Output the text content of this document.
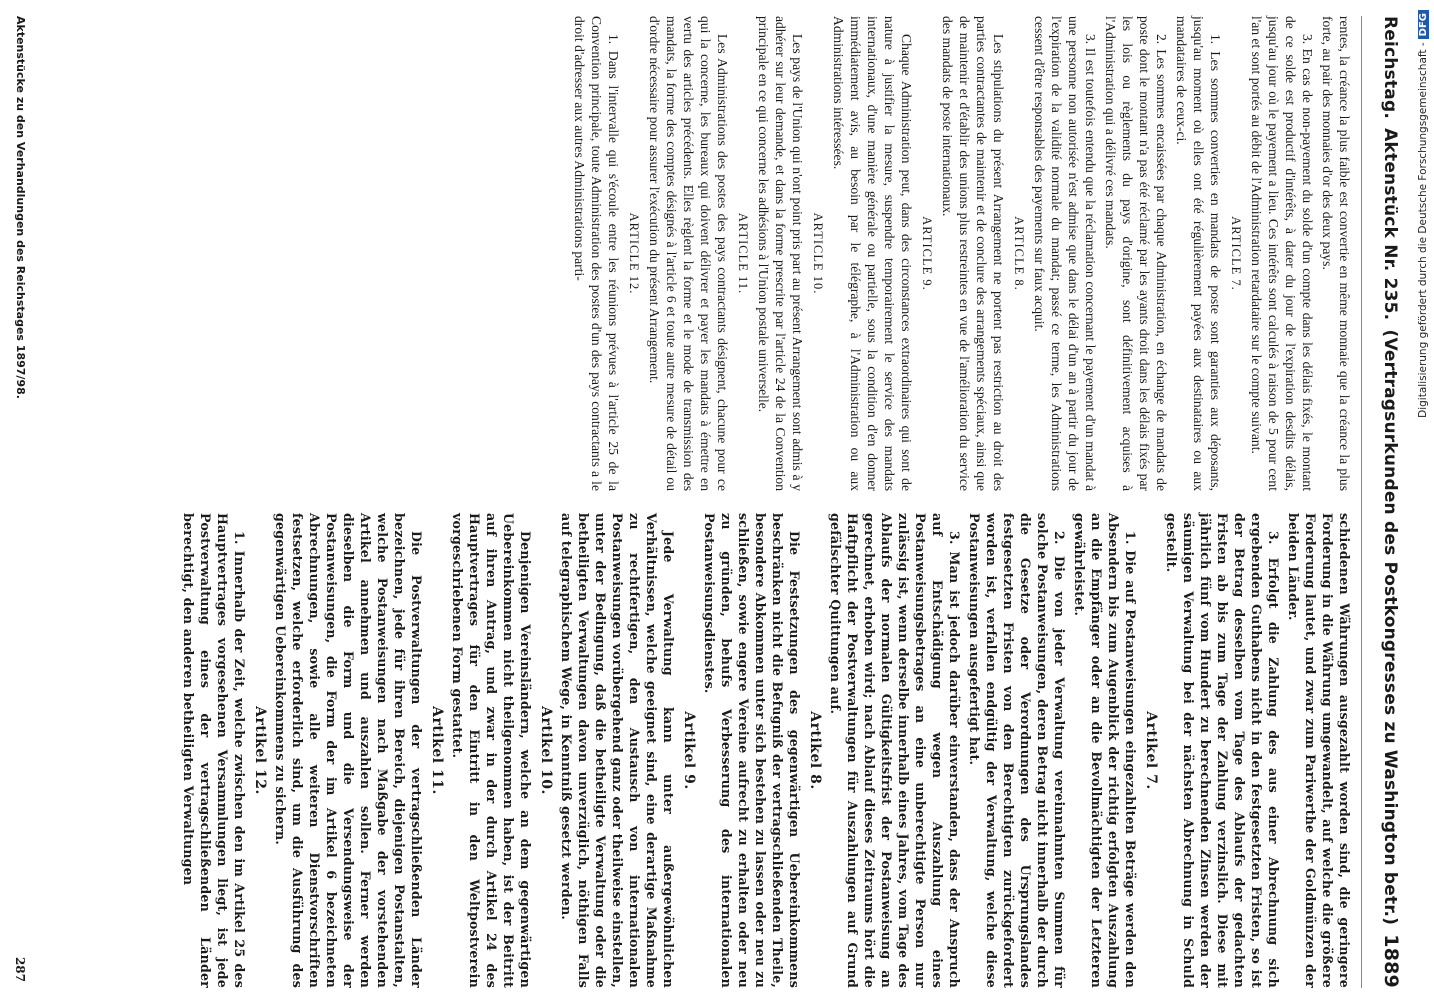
Reichstag.
Aktenstück Nr. 235.
(Vertragsurkunden des Postkongresses zu Washington betr.)
1889

rentes, la créance la plus faible est convertie en même monnaie que la créance la plus forte, au pair des monnaies d'or des deux pays.

3. En cas de non-payement du solde d'un compte dans les délais fixés, le montant de ce solde est productif d'intérêts, à dater du jour de l'expiration desdits délais, jusqu'au jour où le payement a lieu. Ces intérêts sont calculés à raison de 5 pour cent l'an et sont portés au débit de l'Administration retardataire sur le compte suivant.

ARTICLE 7.

1. Les sommes converties en mandats de poste sont garanties aux déposants, jusqu'au moment où elles ont été régulièrement payées aux destinataires ou aux mandataires de ceux-ci.

2. Les sommes encaissées par chaque Administration, en échange de mandats de poste dont le montant n'a pas été réclamé par les ayants droit dans les délais fixés par les lois ou règlements du pays d'origine, sont définitivement acquises à l'Administration qui a délivré ces mandats.

3. Il est toutefois entendu que la réclamation concernant le payement d'un mandat à une personne non autorisée n'est admise que dans le délai d'un an à partir du jour de l'expiration de la validité normale du mandat; passé ce terme, les Administrations cessent d'être responsables des payements sur faux acquit.

ARTICLE 8.

Les stipulations du présent Arrangement ne portent pas restriction au droit des parties contractantes de maintenir et de conclure des arrangements spéciaux, ainsi que de maintenir et d'établir des unions plus restreintes en vue de l'amélioration du service des mandats de poste internationaux.

ARTICLE 9.

Chaque Administration peut, dans des circonstances extraordinaires qui sont de nature à justifier la mesure, suspendre temporairement le service des mandats internationaux, d'une manière générale ou partielle, sous la condition d'en donner immédiatement avis, au besoin par le télégraphe, à l'Administration ou aux Administrations intéressées.

ARTICLE 10.

Les pays de l'Union qui n'ont point pris part au présent Arrangement sont admis à y adhérer sur leur demande, et dans la forme prescrite par l'article 24 de la Convention principale en ce qui concerne les adhésions à l'Union postale universelle.

ARTICLE 11.

Les Administrations des postes des pays contractants désignent, chacune pour ce qui la concerne, les bureaux qui doivent délivrer et payer les mandats à émettre en vertu des articles précédents. Elles règlent la forme et le mode de transmission des mandats, la forme des comptes désignés à l'article 6 et toute autre mesure de détail ou d'ordre nécessaire pour assurer l'exécution du présent Arrangement.

ARTICLE 12.

1. Dans l'intervalle qui s'écoule entre les réunions prévues à l'article 25 de la Convention principale, toute Administration des postes d'un des pays contractants a le droit d'adresser aux autres Administrations parti-

schiedenen Währungen ausgezahlt worden sind, die geringere Forderung in die Währung umgewandelt, auf welche die größere Forderung lautet, und zwar zum Pariwerthe der Goldmünzen der beiden Länder.

3. Erfolgt die Zahlung des aus einer Abrechnung sich ergebenden Guthabens nicht in den festgesetzten Fristen, so ist der Betrag desselben vom Tage des Ablaufs der gedachten Fristen ab bis zum Tage der Zahlung verzinslich. Diese mit jährlich fünf vom Hundert zu berechnenden Zinsen werden der säumigen Verwaltung bei der nächsten Abrechnung in Schuld gestellt.

Artikel 7.

1. Die auf Postanweisungen eingezahlten Beträge werden den Absendern bis zum Augenblick der richtig erfolgten Auszahlung an die Empfänger oder an die Bevollmächtigten der Letzteren gewährleistet.

2. Die von jeder Verwaltung vereinnahmten Summen für solche Postanweisungen, deren Betrag nicht innerhalb der durch die Gesetze oder Verordnungen des Ursprungslandes festgesetzten Fristen von den Berechtigten zurückgefordert worden ist, verfallen endgültig der Verwaltung, welche diese Postanweisungen ausgefertigt hat.

3. Man ist jedoch darüber einverstanden, dass der Anspruch auf Entschädigung wegen Auszahlung eines Postanweisungsbetrages an eine unberechtigte Person nur zulässig ist, wenn derselbe innerhalb eines Jahres, vom Tage des Ablaufs der normalen Gültigkeitsfrist der Postanweisung an gerechnet, erhoben wird; nach Ablauf dieses Zeitraums hört die Haftpflicht der Postverwaltungen für Auszahlungen auf Grund gefälschter Quittungen auf.

Artikel 8.

Die Festsetzungen des gegenwärtigen Uebereinkommens beschränken nicht die Befugniß der vertragschließenden Theile, besondere Abkommen unter sich bestehen zu lassen oder neu zu schließen, sowie engere Vereine aufrecht zu erhalten oder neu zu gründen, behufs Verbesserung des internationalen Postanweisungsdienstes.

Artikel 9.

Jede Verwaltung kann unter außergewöhnlichen Verhältnissen, welche geeignet sind, eine derartige Maßnahme zu rechtfertigen, den Austausch von internationalen Postanweisungen vorübergehend ganz oder theilweise einstellen, unter der Bedingung, daß die betheiligte Verwaltung oder die betheiligten Verwaltungen davon unverzüglich, nöthigen Falls auf telegraphischem Wege, in Kenntniß gesetzt werden.

Artikel 10.

Denjenigen Vereinsländern, welche an dem gegenwärtigen Uebereinkommen nicht theilgenommen haben, ist der Beitritt auf ihren Antrag, und zwar in der durch Artikel 24 des Hauptvertrages für den Eintritt in den Weltpostverein vorgeschriebenen Form gestattet.

Artikel 11.

Die Postverwaltungen der vertragschließenden Länder bezeichnen, jede für ihren Bereich, diejenigen Postanstalten, welche Postanweisungen nach Maßgabe der vorstehenden Artikel annehmen und auszahlen sollen. Ferner werden dieselben die Form und die Versendungsweise der Postanweisungen, die Form der im Artikel 6 bezeichneten Abrechnungen, sowie alle weiteren Dienstvorschriften festsetzen, welche erforderlich sind, um die Ausführung des gegenwärtigen Uebereinkommens zu sichern.

Artikel 12.

1. Innerhalb der Zeit, welche zwischen den im Artikel 25 des Hauptvertrages vorgesehenen Versammlungen liegt, ist jede Postverwaltung eines der vertragschließenden Länder berechtigt, den anderen betheiligten Verwaltungen

Aktenstücke zu den Verhandlungen des Reichstages 1897/98.
287
Digitalisierung gefördert durch die Deutsche Forschungsgemeinschaft -
DFG
